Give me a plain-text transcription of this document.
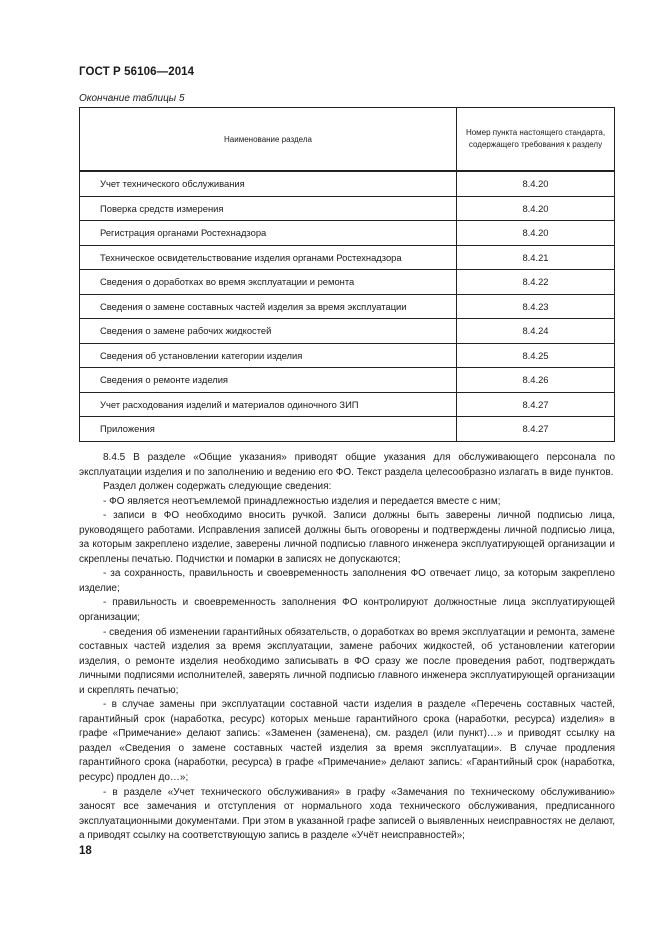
ГОСТ Р 56106—2014
Окончание таблицы 5
Наименование раздела	Номер пункта настоящего стандарта, содержащего требования к разделу
Учет технического обслуживания	8.4.20
Поверка средств измерения	8.4.20
Регистрация органами Ростехнадзора	8.4.20
Техническое освидетельствование изделия органами Ростехнадзора	8.4.21
Сведения о доработках во время эксплуатации и ремонта	8.4.22
Сведения о замене составных частей изделия за время эксплуатации	8.4.23
Сведения о замене рабочих жидкостей	8.4.24
Сведения об установлении категории изделия	8.4.25
Сведения о ремонте изделия	8.4.26
Учет расходования изделий и материалов одиночного ЗИП	8.4.27
Приложения	8.4.27

8.4.5 В разделе «Общие указания» приводят общие указания для обслуживающего персонала по эксплуатации изделия и по заполнению и ведению его ФО. Текст раздела целесообразно излагать в виде пунктов.

Раздел должен содержать следующие сведения:

- ФО является неотъемлемой принадлежностью изделия и передается вместе с ним;

- записи в ФО необходимо вносить ручкой. Записи должны быть заверены личной подписью лица, руководящего работами. Исправления записей должны быть оговорены и подтверждены личной подписью лица, за которым закреплено изделие, заверены личной подписью главного инженера эксплуатирующей организации и скреплены печатью. Подчистки и помарки в записях не допускаются;

- за сохранность, правильность и своевременность заполнения ФО отвечает лицо, за которым закреплено изделие;

- правильность и своевременность заполнения ФО контролируют должностные лица эксплуатирующей организации;

- сведения об изменении гарантийных обязательств, о доработках во время эксплуатации и ремонта, замене составных частей изделия за время эксплуатации, замене рабочих жидкостей, об установлении категории изделия, о ремонте изделия необходимо записывать в ФО сразу же после проведения работ, подтверждать личными подписями исполнителей, заверять личной подписью главного инженера эксплуатирующей организации и скреплять печатью;

- в случае замены при эксплуатации составной части изделия в разделе «Перечень составных частей, гарантийный срок (наработка, ресурс) которых меньше гарантийного срока (наработки, ресурса) изделия» в графе «Примечание» делают запись: «Заменен (заменена), см. раздел (или пункт)…» и приводят ссылку на раздел «Сведения о замене составных частей изделия за время эксплуатации». В случае продления гарантийного срока (наработки, ресурса) в графе «Примечание» делают запись: «Гарантийный срок (наработка, ресурс) продлен до…»;

- в разделе «Учет технического обслуживания» в графу «Замечания по техническому обслуживанию» заносят все замечания и отступления от нормального хода технического обслуживания, предписанного эксплуатационными документами. При этом в указанной графе записей о выявленных неисправностях не делают, а приводят ссылку на соответствующую запись в разделе «Учёт неисправностей»;

18
